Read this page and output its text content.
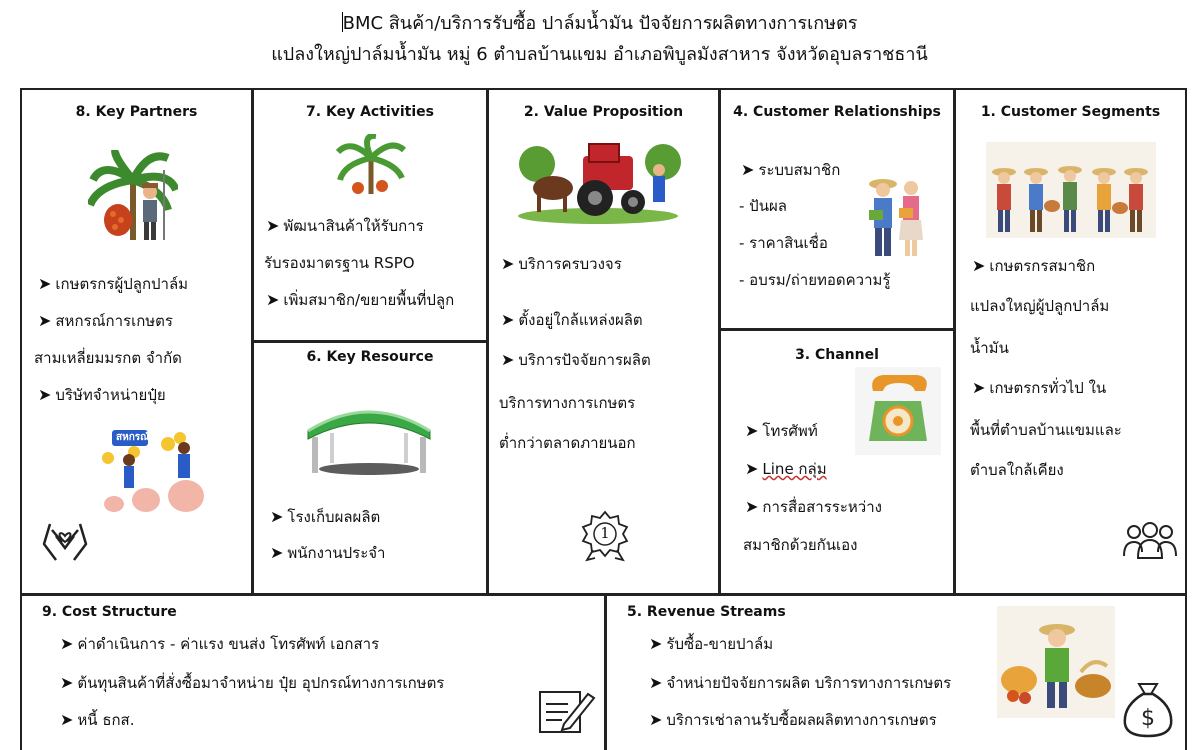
BMC สินค้า/บริการรับซื้อ ปาล์มน้ำมัน ปัจจัยการผลิตทางการเกษตร
แปลงใหญ่ปาล์มน้ำมัน หมู่ 6 ตำบลบ้านแขม อำเภอพิบูลมังสาหาร จังหวัดอุบลราชธานี
8. Key Partners
➤ เกษตรกรผู้ปลูกปาล์ม
➤ สหกรณ์การเกษตร
สามเหลี่ยมมรกต จำกัด
➤ บริษัทจำหน่ายปุ๋ย
สหกรณ์
7. Key Activities
➤ พัฒนาสินค้าให้รับการ
รับรองมาตรฐาน RSPO
➤ เพิ่มสมาชิก/ขยายพื้นที่ปลูก
6. Key Resource
➤ โรงเก็บผลผลิต
➤ พนักงานประจำ
2. Value Proposition
➤ บริการครบวงจร
➤ ตั้งอยู่ใกล้แหล่งผลิต
➤ บริการปัจจัยการผลิต
บริการทางการเกษตร
ต่ำกว่าตลาดภายนอก
1
4. Customer Relationships
➤ ระบบสมาชิก
- ปันผล
- ราคาสินเชื่อ
- อบรม/ถ่ายทอดความรู้
3. Channel
➤ โทรศัพท์
➤ Line กลุ่ม
➤ การสื่อสารระหว่าง
สมาชิกด้วยกันเอง
1. Customer Segments
➤ เกษตรกรสมาชิก
แปลงใหญ่ผู้ปลูกปาล์ม
น้ำมัน
➤ เกษตรกรทั่วไป ใน
พื้นที่ตำบลบ้านแขมและ
ตำบลใกล้เคียง
9. Cost Structure
➤ ค่าดำเนินการ - ค่าแรง ขนส่ง โทรศัพท์ เอกสาร
➤ ต้นทุนสินค้าที่สั่งซื้อมาจำหน่าย ปุ๋ย อุปกรณ์ทางการเกษตร
➤ หนี้ ธกส.
5. Revenue Streams
➤ รับซื้อ-ขายปาล์ม
➤ จำหน่ายปัจจัยการผลิต บริการทางการเกษตร
➤ บริการเช่าลานรับซื้อผลผลิตทางการเกษตร	$
